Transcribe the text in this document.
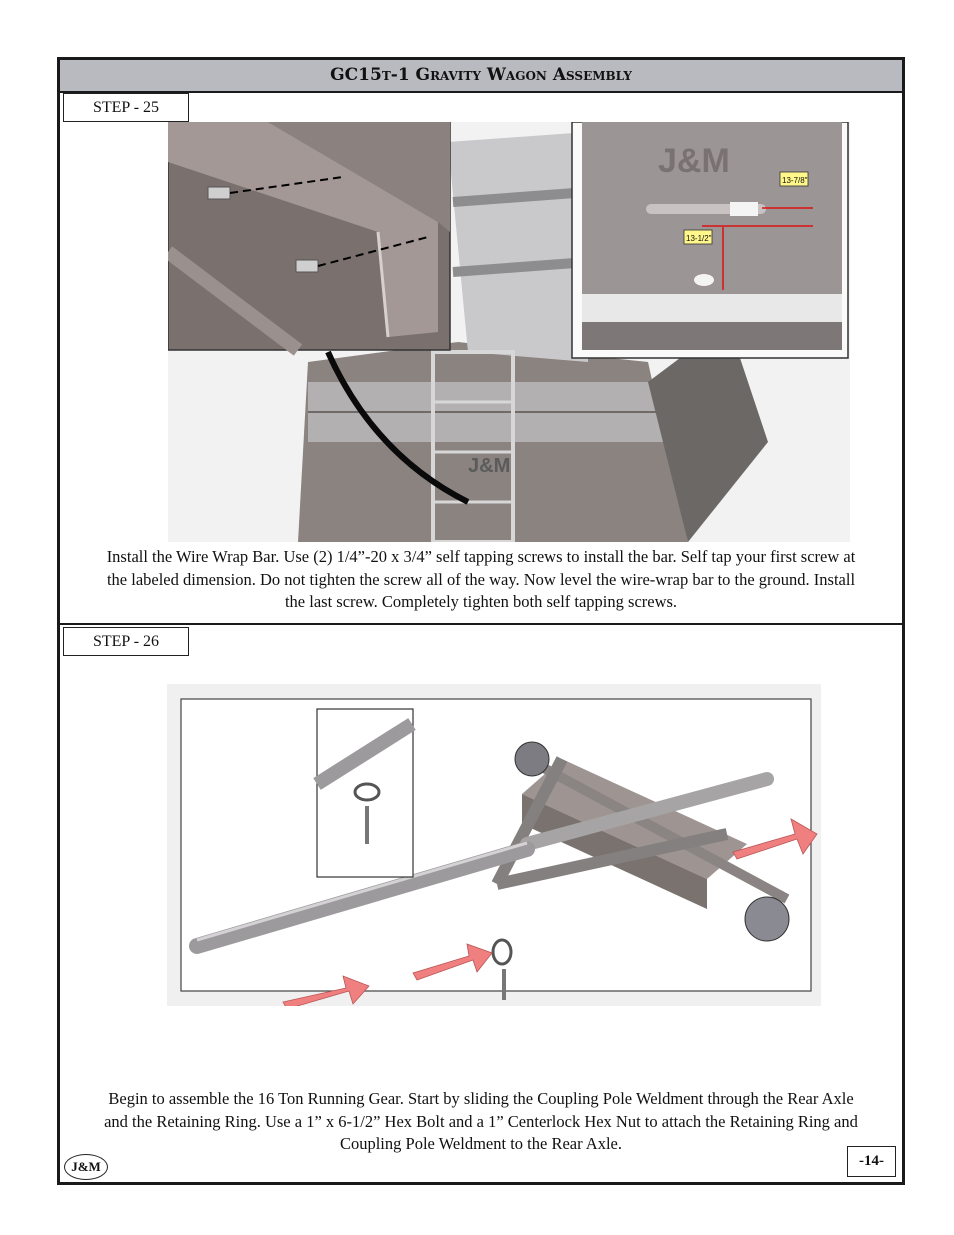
GC15t-1 Gravity Wagon Assembly
STEP - 25
J&M
J&M
13-7/8"
13-1/2"
Install the Wire Wrap Bar. Use (2) 1/4”-20 x 3/4” self tapping screws to install the bar. Self tap your first screw at the labeled dimension. Do not tighten the screw all of the way. Now level the wire-wrap bar to the ground. Install the last screw. Completely tighten both self tapping screws.
STEP - 26
Begin to assemble the 16 Ton Running Gear. Start by sliding the Coupling Pole Weldment through the Rear Axle and the Retaining Ring. Use a 1” x 6-1/2” Hex Bolt and a 1” Centerlock Hex Nut to attach the Retaining Ring and Coupling Pole Weldment to the Rear Axle.
J&M	-14-
